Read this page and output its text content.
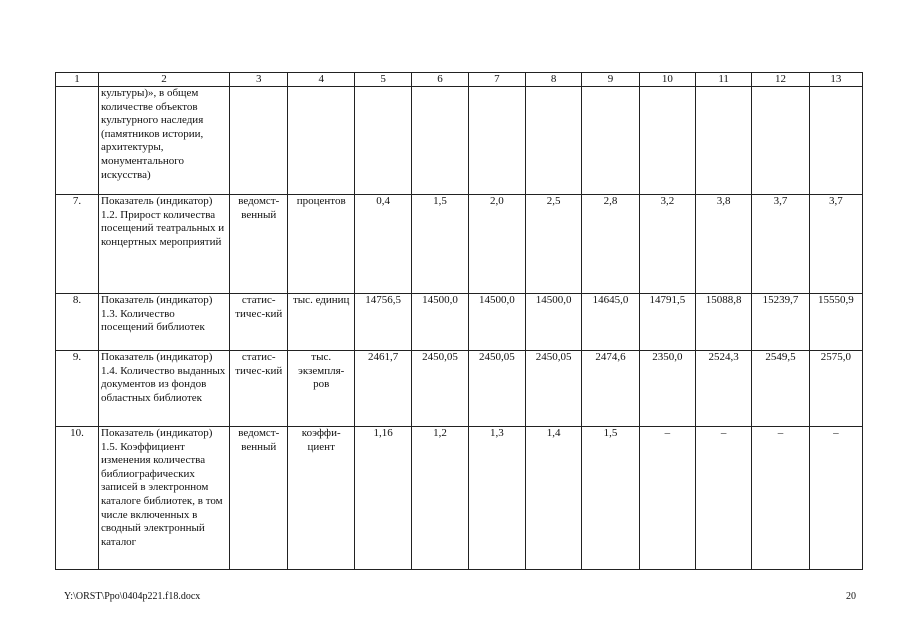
1	2	3	4	5	6	7	8	9	10	11	12	13
	культуры)», в общем количестве объектов культурного наследия (памятников истории, архитектуры, монументального искусства)											
7.	Показатель (индикатор) 1.2. Прирост количества посещений театральных и концертных мероприятий	ведомст-венный	процентов	0,4	1,5	2,0	2,5	2,8	3,2	3,8	3,7	3,7
8.	Показатель (индикатор) 1.3. Количество посещений библиотек	статис-тичес-кий	тыс. единиц	14756,5	14500,0	14500,0	14500,0	14645,0	14791,5	15088,8	15239,7	15550,9
9.	Показатель (индикатор) 1.4. Количество выданных документов из фондов областных библиотек	статис-тичес-кий	тыс. экземпля-ров	2461,7	2450,05	2450,05	2450,05	2474,6	2350,0	2524,3	2549,5	2575,0
10.	Показатель (индикатор) 1.5. Коэффициент изменения количества библиографических записей в электронном каталоге библиотек, в том числе включенных в сводный электронный каталог	ведомст-венный	коэффи-циент	1,16	1,2	1,3	1,4	1,5	–	–	–	–
Y:\ORST\Ppo\0404p221.f18.docx	20
